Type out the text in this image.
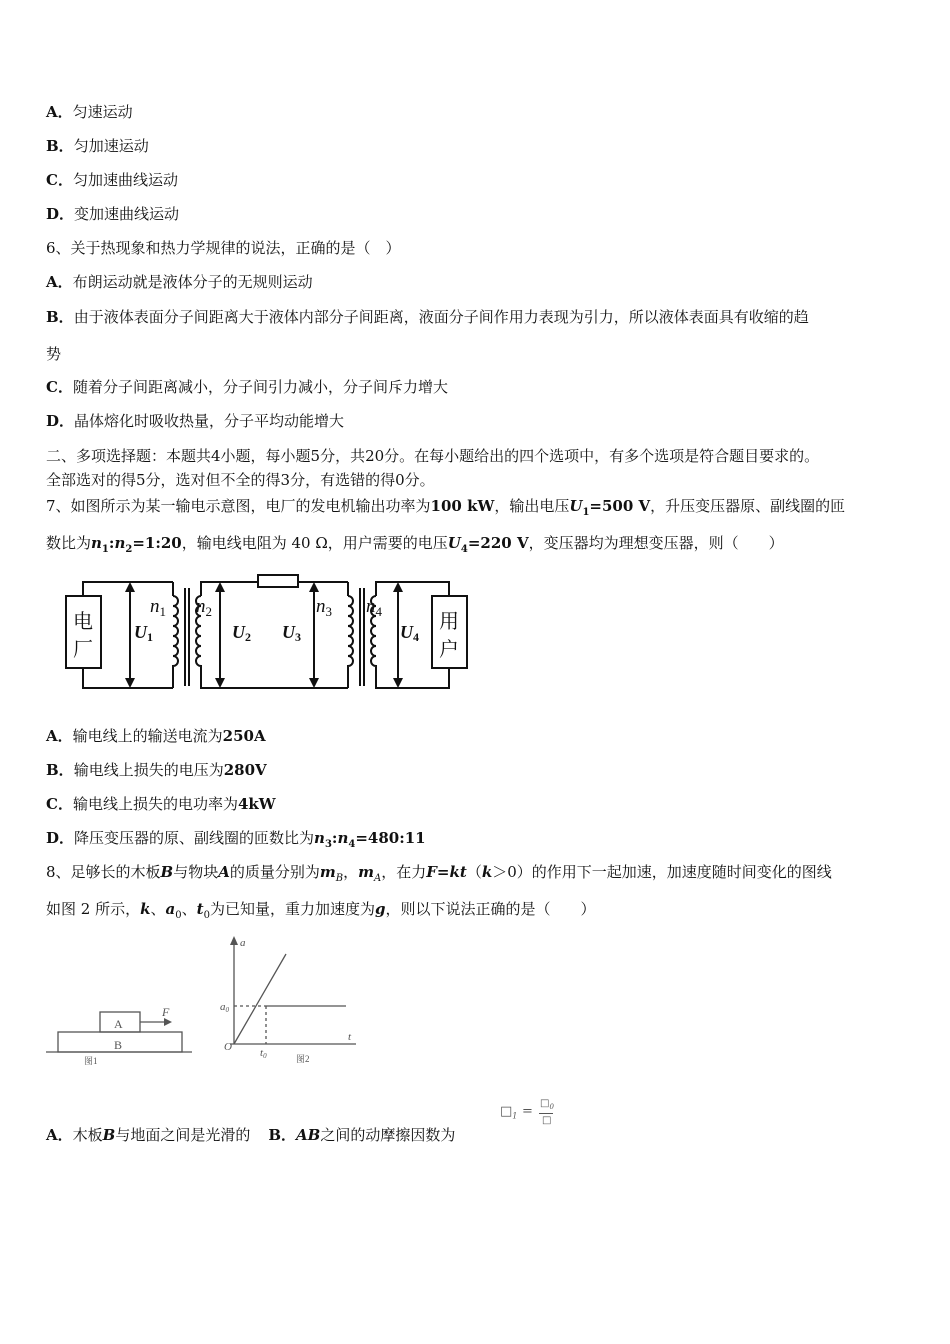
A．匀速运动
B．匀加速运动
C．匀加速曲线运动
D．变加速曲线运动
6、关于热现象和热力学规律的说法，正确的是（　）
A．布朗运动就是液体分子的无规则运动
B．由于液体表面分子间距离大于液体内部分子间距离，液面分子间作用力表现为引力，所以液体表面具有收缩的趋
势
C．随着分子间距离减小，分子间引力减小，分子间斥力增大
D．晶体熔化时吸收热量，分子平均动能增大
二、多项选择题：本题共4小题，每小题5分，共20分。在每小题给出的四个选项中，有多个选项是符合题目要求的。
全部选对的得5分，选对但不全的得3分，有选错的得0分。
7、如图所示为某一输电示意图，电厂的发电机输出功率为100 kW，输出电压$U_1=500$ V，升压变压器原、副线圈的匝
数比为$n_1:n_2=1:20$，输电线电阻为 40 Ω，用户需要的电压$U_4=220$ V，变压器均为理想变压器，则（　　）
电
厂
用
户
$n_1$ $n_2$	$n_3$ $n_4$
U1	U2 U3	U4
A．输电线上的输送电流为250A
B．输电线上损失的电压为280V
C．输电线上损失的电功率为4kW
D．降压变压器的原、副线圈的匝数比为$n_3:n_4=480:11$
8、足够长的木板B与物块A的质量分别为$m_B$，$m_A$，在力F=kt（k＞0）的作用下一起加速，加速度随时间变化的图线
如图 2 所示，k、$a_0$、$t_0$为已知量，重力加速度为g，则以下说法正确的是（　　）
A
B
F
图1
a
t
O
a0
t0	图2
A．木板B与地面之间是光滑的 B．AB之间的动摩擦因数为
$□_1$ =
$□_0$
□
